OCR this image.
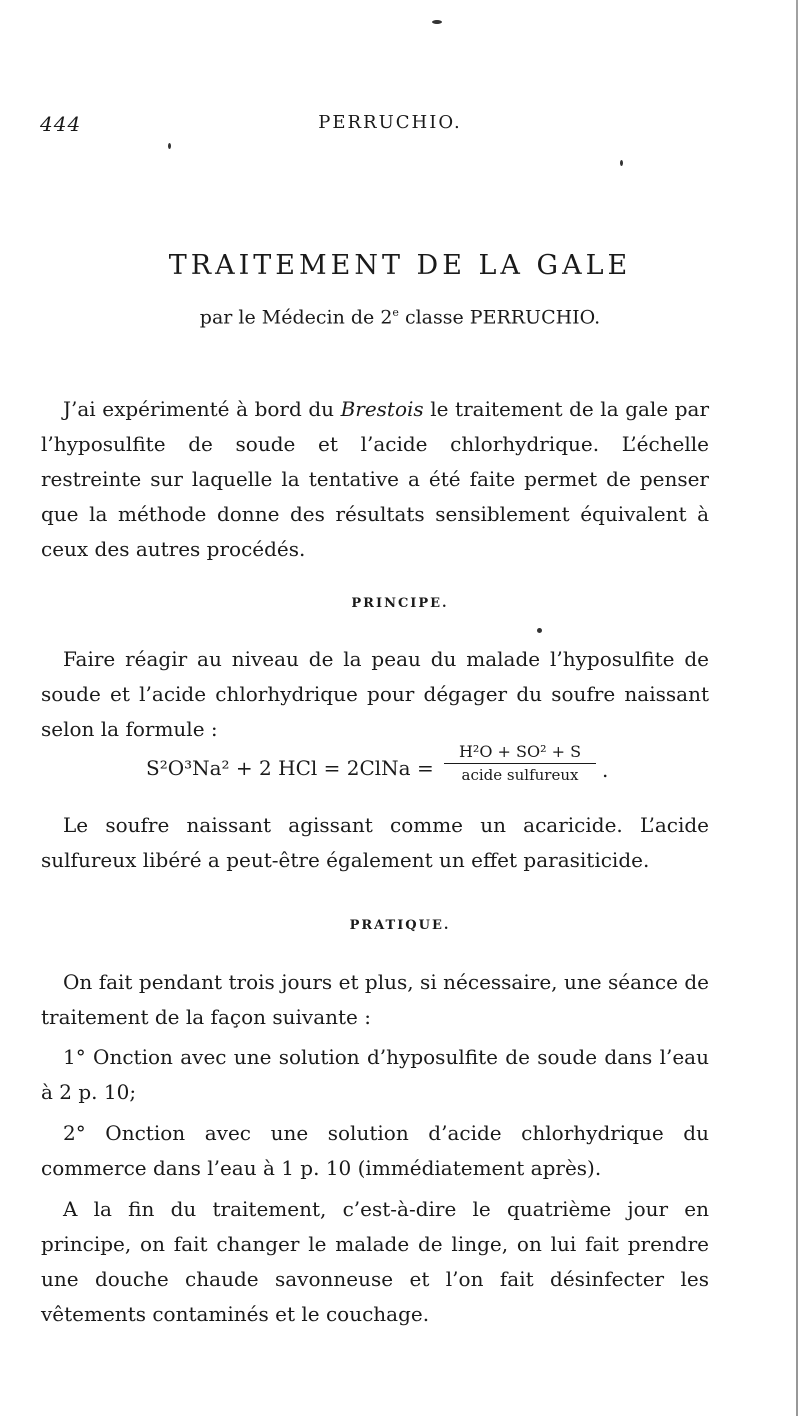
444	PERRUCHIO.
TRAITEMENT DE LA GALE

par le Médecin de 2e classe PERRUCHIO.

J’ai expérimenté à bord du Brestois le traitement de la gale par l’hyposulfite de soude et l’acide chlorhydrique. L’échelle restreinte sur laquelle la tentative a été faite permet de penser que la méthode donne des résultats sensiblement équivalent à ceux des autres procédés.

PRINCIPE.

Faire réagir au niveau de la peau du malade l’hyposulfite de soude et l’acide chlorhydrique pour dégager du soufre naissant selon la formule :

S²O³Na² + 2 HCl = 2ClNa =
H²O + SO² + S
acide sulfureux	.

Le soufre naissant agissant comme un acaricide. L’acide sulfureux libéré a peut-être également un effet parasiticide.

PRATIQUE.

On fait pendant trois jours et plus, si nécessaire, une séance de traitement de la façon suivante :

1° Onction avec une solution d’hyposulfite de soude dans l’eau à 2 p. 10;

2° Onction avec une solution d’acide chlorhydrique du commerce dans l’eau à 1 p. 10 (immédiatement après).

A la fin du traitement, c’est-à-dire le quatrième jour en principe, on fait changer le malade de linge, on lui fait prendre une douche chaude savonneuse et l’on fait désinfecter les vêtements contaminés et le couchage.
